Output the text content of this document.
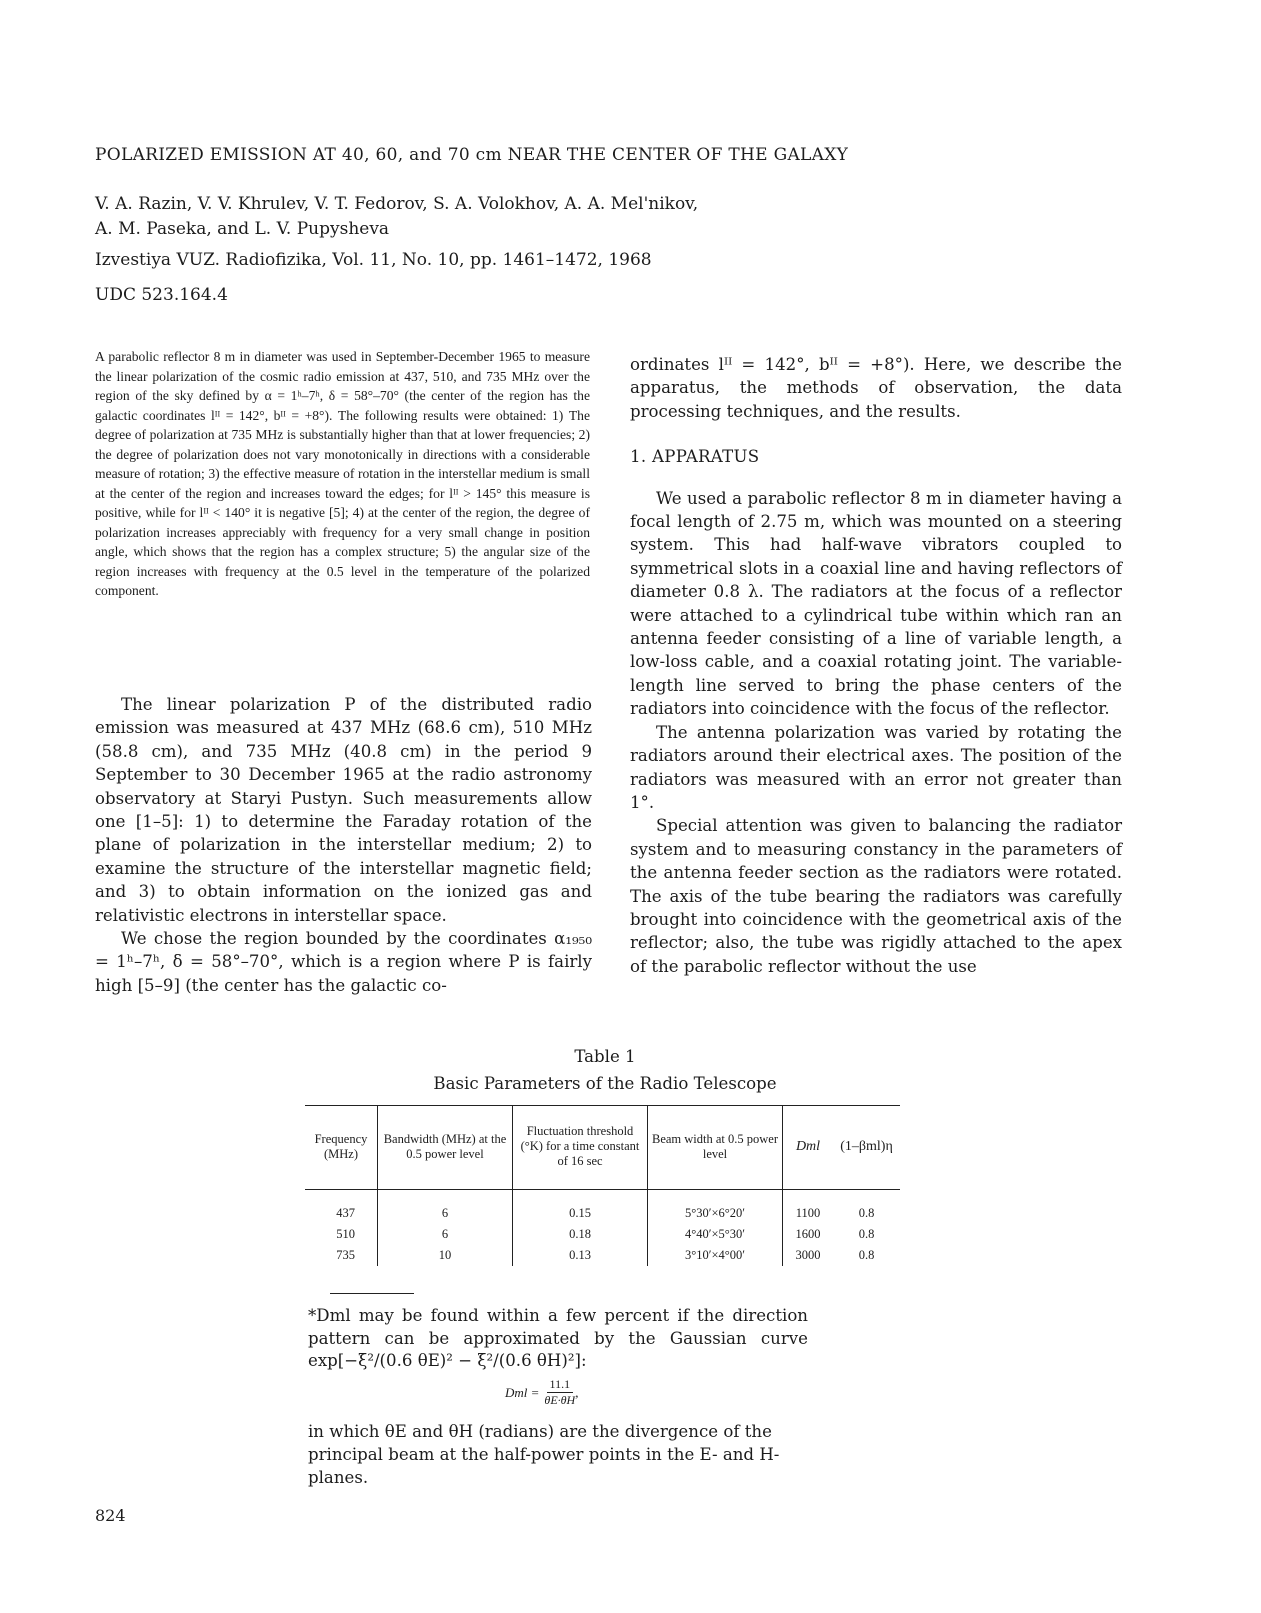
POLARIZED EMISSION AT 40, 60, and 70 cm NEAR THE CENTER OF THE GALAXY
V. A. Razin, V. V. Khrulev, V. T. Fedorov, S. A. Volokhov, A. A. Mel'nikov,
A. M. Paseka, and L. V. Pupysheva
Izvestiya VUZ. Radiofizika, Vol. 11, No. 10, pp. 1461–1472, 1968
UDC 523.164.4
A parabolic reflector 8 m in diameter was used in September-December 1965 to measure the linear polarization of the cosmic radio emission at 437, 510, and 735 MHz over the region of the sky defined by α = 1ʰ–7ʰ, δ = 58°–70° (the center of the region has the galactic coordinates lᴵᴵ = 142°, bᴵᴵ = +8°). The following results were obtained: 1) The degree of polarization at 735 MHz is substantially higher than that at lower frequencies; 2) the degree of polarization does not vary monotonically in directions with a considerable measure of rotation; 3) the effective measure of rotation in the interstellar medium is small at the center of the region and increases toward the edges; for lᴵᴵ > 145° this measure is positive, while for lᴵᴵ < 140° it is negative [5]; 4) at the center of the region, the degree of polarization increases appreciably with frequency for a very small change in position angle, which shows that the region has a complex structure; 5) the angular size of the region increases with frequency at the 0.5 level in the temperature of the polarized component.

The linear polarization P of the distributed radio emission was measured at 437 MHz (68.6 cm), 510 MHz (58.8 cm), and 735 MHz (40.8 cm) in the period 9 September to 30 December 1965 at the radio astronomy observatory at Staryi Pustyn. Such measurements allow one [1–5]: 1) to determine the Faraday rotation of the plane of polarization in the interstellar medium; 2) to examine the structure of the interstellar magnetic field; and 3) to obtain information on the ionized gas and relativistic electrons in interstellar space.

We chose the region bounded by the coordinates α₁₉₅₀ = 1ʰ–7ʰ, δ = 58°–70°, which is a region where P is fairly high [5–9] (the center has the galactic co-

ordinates lᴵᴵ = 142°, bᴵᴵ = +8°). Here, we describe the apparatus, the methods of observation, the data processing techniques, and the results.

1. APPARATUS

We used a parabolic reflector 8 m in diameter having a focal length of 2.75 m, which was mounted on a steering system. This had half-wave vibrators coupled to symmetrical slots in a coaxial line and having reflectors of diameter 0.8 λ. The radiators at the focus of a reflector were attached to a cylindrical tube within which ran an antenna feeder consisting of a line of variable length, a low-loss cable, and a coaxial rotating joint. The variable-length line served to bring the phase centers of the radiators into coincidence with the focus of the reflector.

The antenna polarization was varied by rotating the radiators around their electrical axes. The position of the radiators was measured with an error not greater than 1°.

Special attention was given to balancing the radiator system and to measuring constancy in the parameters of the antenna feeder section as the radiators were rotated. The axis of the tube bearing the radiators was carefully brought into coincidence with the geometrical axis of the reflector; also, the tube was rigidly attached to the apex of the parabolic reflector without the use

Table 1
Basic Parameters of the Radio Telescope
Frequency (MHz)	Bandwidth (MHz) at the 0.5 power level	Fluctuation threshold (°K) for a time constant of 16 sec	Beam width at 0.5 power level	Dml	(1–βml)η

437	6	0.15	5°30′×6°20′	1100	0.8
510	6	0.18	4°40′×5°30′	1600	0.8
735	10	0.13	3°10′×4°00′	3000	0.8
*Dml may be found within a few percent if the direction pattern can be approximated by the Gaussian curve exp[−ξ²/(0.6 θE)² − ξ²/(0.6 θH)²]:
Dml = $\frac{11.1}{\theta E\cdot\theta H}$ ,
in which θE and θH (radians) are the divergence of the principal beam at the half-power points in the E- and H-planes.
824
